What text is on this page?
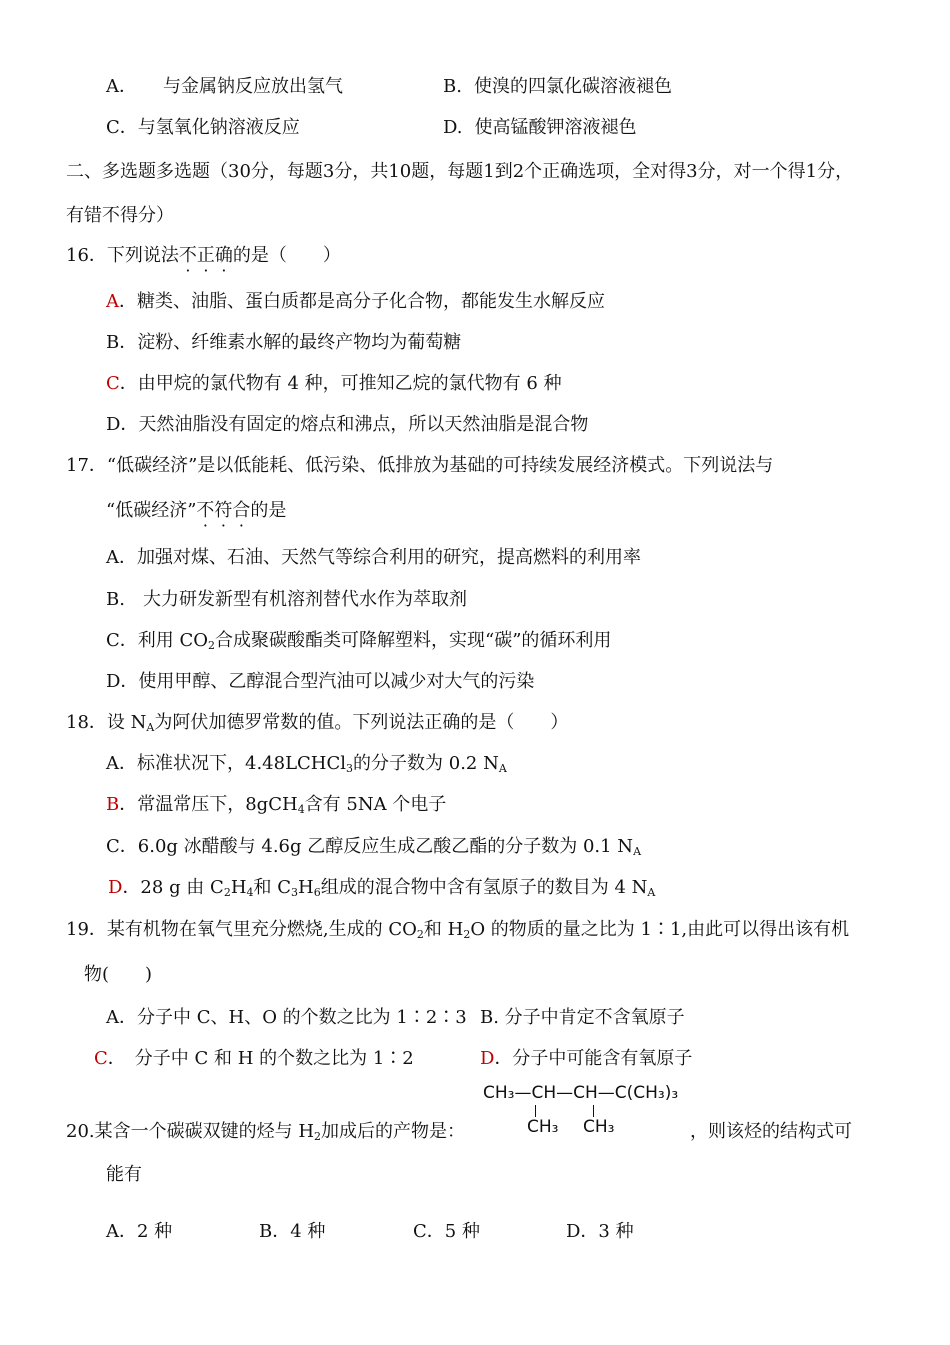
A． 与金属钠反应放出氢气	B. 使溴的四氯化碳溶液褪色
C．与氢氧化钠溶液反应	D. 使高锰酸钾溶液褪色
二、多选题多选题（30分，每题3分，共10题，每题1到2个正确选项，全对得3分，对一个得1分，
有错不得分）
16．下列说法不正确的是（　　）
A．糖类、油脂、蛋白质都是高分子化合物，都能发生水解反应
B．淀粉、纤维素水解的最终产物均为葡萄糖
C．由甲烷的氯代物有 4 种，可推知乙烷的氯代物有 6 种
D．天然油脂没有固定的熔点和沸点，所以天然油脂是混合物
17．“低碳经济”是以低能耗、低污染、低排放为基础的可持续发展经济模式。下列说法与
“低碳经济”不符合的是
A．加强对煤、石油、天然气等综合利用的研究，提高燃料的利用率
B.　大力研发新型有机溶剂替代水作为萃取剂
C．利用 $CO_2$合成聚碳酸酯类可降解塑料，实现“碳”的循环利用
D．使用甲醇、乙醇混合型汽油可以减少对大气的污染
18．设 $N_A$为阿伏加德罗常数的值。下列说法正确的是（　　）
A．标准状况下，4.48LCHCl$_3$的分子数为 0.2 $N_A$
B．常温常压下，8gCH$_4$含有 5NA 个电子
C．6.0g 冰醋酸与 4.6g 乙醇反应生成乙酸乙酯的分子数为 0.1 $N_A$
D．28 g 由 $C_2H_4$和 $C_3H_6$组成的混合物中含有氢原子的数目为 4 $N_A$
19．某有机物在氧气里充分燃烧,生成的 $CO_2$和 $H_2O$ 的物质的量之比为 1∶1,由此可以得出该有机
物(　　)
A．分子中 C、H、O 的个数之比为 1∶2∶3 B. 分子中肯定不含氧原子
C．　分子中 C 和 H 的个数之比为 1∶2	D．分子中可能含有氧原子
CH₃—CH—CH—C(CH₃)₃
CH₃ CH₃
20.某含一个碳碳双键的烃与 $H_2$加成后的产物是：	，则该烃的结构式可
能有
A．2 种	B．4 种	C．5 种	D．3 种
